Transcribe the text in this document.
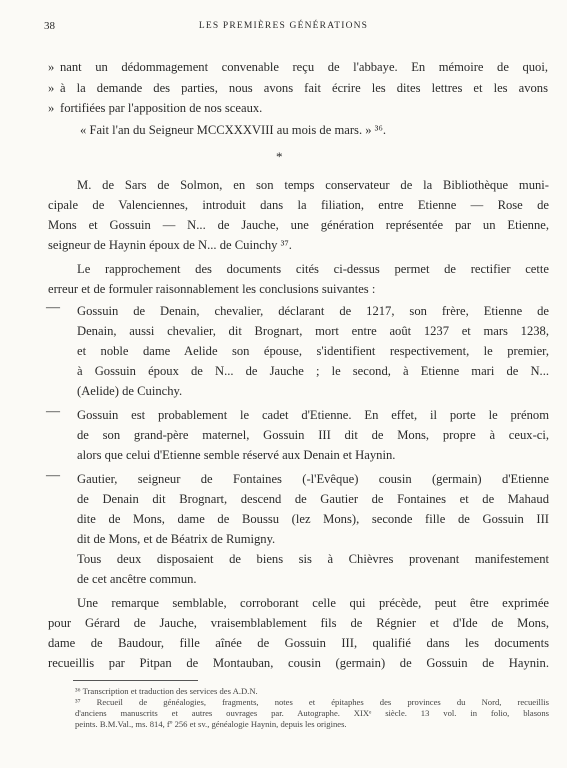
38	LES PREMIÈRES GÉNÉRATIONS
» nant un dédommagement convenable reçu de l'abbaye. En mémoire de quoi,
» à la demande des parties, nous avons fait écrire les dites lettres et les avons
» fortifiées par l'apposition de nos sceaux.
« Fait l'an du Seigneur MCCXXXVIII au mois de mars. » ³⁶.
*
M. de Sars de Solmon, en son temps conservateur de la Bibliothèque muni-
cipale de Valenciennes, introduit dans la filiation, entre Etienne — Rose de
Mons et Gossuin — N... de Jauche, une génération représentée par un Etienne,
seigneur de Haynin époux de N... de Cuinchy ³⁷.
Le rapprochement des documents cités ci-dessus permet de rectifier cette
erreur et de formuler raisonnablement les conclusions suivantes :
— Gossuin de Denain, chevalier, déclarant de 1217, son frère, Etienne de
Denain, aussi chevalier, dit Brognart, mort entre août 1237 et mars 1238,
et noble dame Aelide son épouse, s'identifient respectivement, le premier,
à Gossuin époux de N... de Jauche ; le second, à Etienne mari de N...
(Aelide) de Cuinchy.
— Gossuin est probablement le cadet d'Etienne. En effet, il porte le prénom
de son grand-père maternel, Gossuin III dit de Mons, propre à ceux-ci,
alors que celui d'Etienne semble réservé aux Denain et Haynin.
— Gautier, seigneur de Fontaines (-l'Evêque) cousin (germain) d'Etienne
de Denain dit Brognart, descend de Gautier de Fontaines et de Mahaud
dite de Mons, dame de Boussu (lez Mons), seconde fille de Gossuin III
dit de Mons, et de Béatrix de Rumigny.
Tous deux disposaient de biens sis à Chièvres provenant manifestement
de cet ancêtre commun.
Une remarque semblable, corroborant celle qui précède, peut être exprimée
pour Gérard de Jauche, vraisemblablement fils de Régnier et d'Ide de Mons,
dame de Baudour, fille aînée de Gossuin III, qualifié dans les documents
recueillis par Pitpan de Montauban, cousin (germain) de Gossuin de Haynin.
³⁶ Transcription et traduction des services des A.D.N.
³⁷ Recueil de généalogies, fragments, notes et épitaphes des provinces du Nord, recueillis
d'anciens manuscrits et autres ouvrages par. Autographe. XIXᵉ siècle. 13 vol. in folio, blasons
peints. B.M.Val., ms. 814, fº 256 et sv., généalogie Haynin, depuis les origines.
